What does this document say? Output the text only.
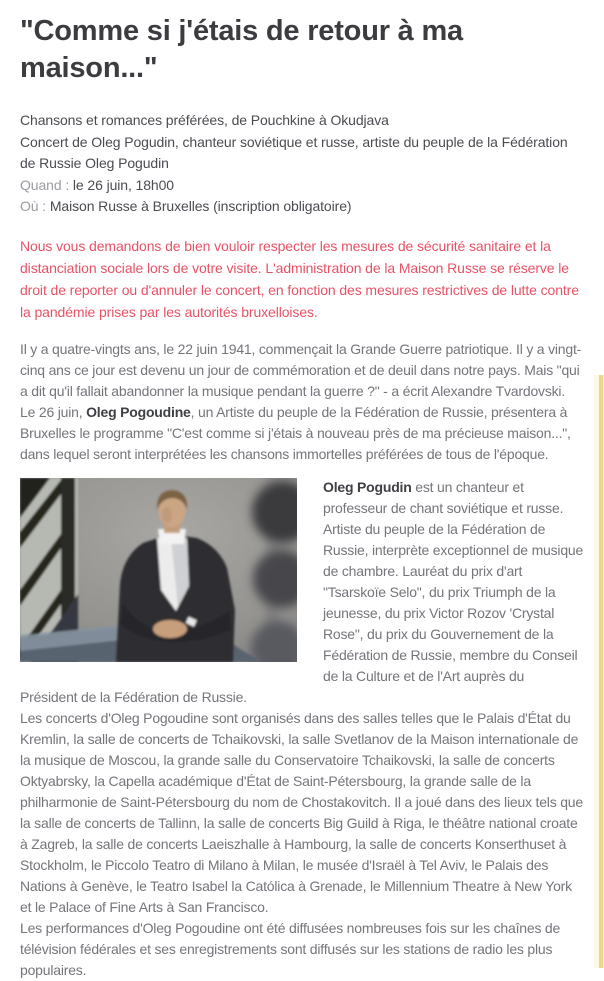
"Comme si j'étais de retour à ma
maison..."

Chansons et romances préférées, de Pouchkine à Okudjava

Concert de Oleg Pogudin, chanteur soviétique et russe, artiste du peuple de la Fédération de Russie Oleg Pogudin

Quand : le 26 juin, 18h00

Où : Maison Russe à Bruxelles (inscription obligatoire)

Nous vous demandons de bien vouloir respecter les mesures de sécurité sanitaire et la distanciation sociale lors de votre visite. L'administration de la Maison Russe se réserve le droit de reporter ou d'annuler le concert, en fonction des mesures restrictives de lutte contre la pandémie prises par les autorités bruxelloises.

Il y a quatre-vingts ans, le 22 juin 1941, commençait la Grande Guerre patriotique. Il y a vingt-cinq ans ce jour est devenu un jour de commémoration et de deuil dans notre pays. Mais "qui a dit qu'il fallait abandonner la musique pendant la guerre ?" - a écrit Alexandre Tvardovski.

Le 26 juin, Oleg Pogoudine, un Artiste du peuple de la Fédération de Russie, présentera à Bruxelles le programme "C'est comme si j'étais à nouveau près de ma précieuse maison...", dans lequel seront interprétées les chansons immortelles préférées de tous de l'époque.

Oleg Pogudin est un chanteur et professeur de chant soviétique et russe. Artiste du peuple de la Fédération de Russie, interprète exceptionnel de musique de chambre. Lauréat du prix d'art "Tsarskoïe Selo", du prix Triumph de la jeunesse, du prix Victor Rozov 'Crystal Rose", du prix du Gouvernement de la Fédération de Russie, membre du Conseil de la Culture et de l'Art auprès du Président de la Fédération de Russie.

Les concerts d'Oleg Pogoudine sont organisés dans des salles telles que le Palais d'État du Kremlin, la salle de concerts de Tchaikovski, la salle Svetlanov de la Maison internationale de la musique de Moscou, la grande salle du Conservatoire Tchaikovski, la salle de concerts Oktyabrsky, la Capella académique d'État de Saint-Pétersbourg, la grande salle de la philharmonie de Saint-Pétersbourg du nom de Chostakovitch. Il a joué dans des lieux tels que la salle de concerts de Tallinn, la salle de concerts Big Guild à Riga, le théâtre national croate à Zagreb, la salle de concerts Laeiszhalle à Hambourg, la salle de concerts Konserthuset à Stockholm, le Piccolo Teatro di Milano à Milan, le musée d'Israël à Tel Aviv, le Palais des Nations à Genève, le Teatro Isabel la Católica à Grenade, le Millennium Theatre à New York et le Palace of Fine Arts à San Francisco.

Les performances d'Oleg Pogoudine ont été diffusées nombreuses fois sur les chaînes de télévision fédérales et ses enregistrements sont diffusés sur les stations de radio les plus populaires.
